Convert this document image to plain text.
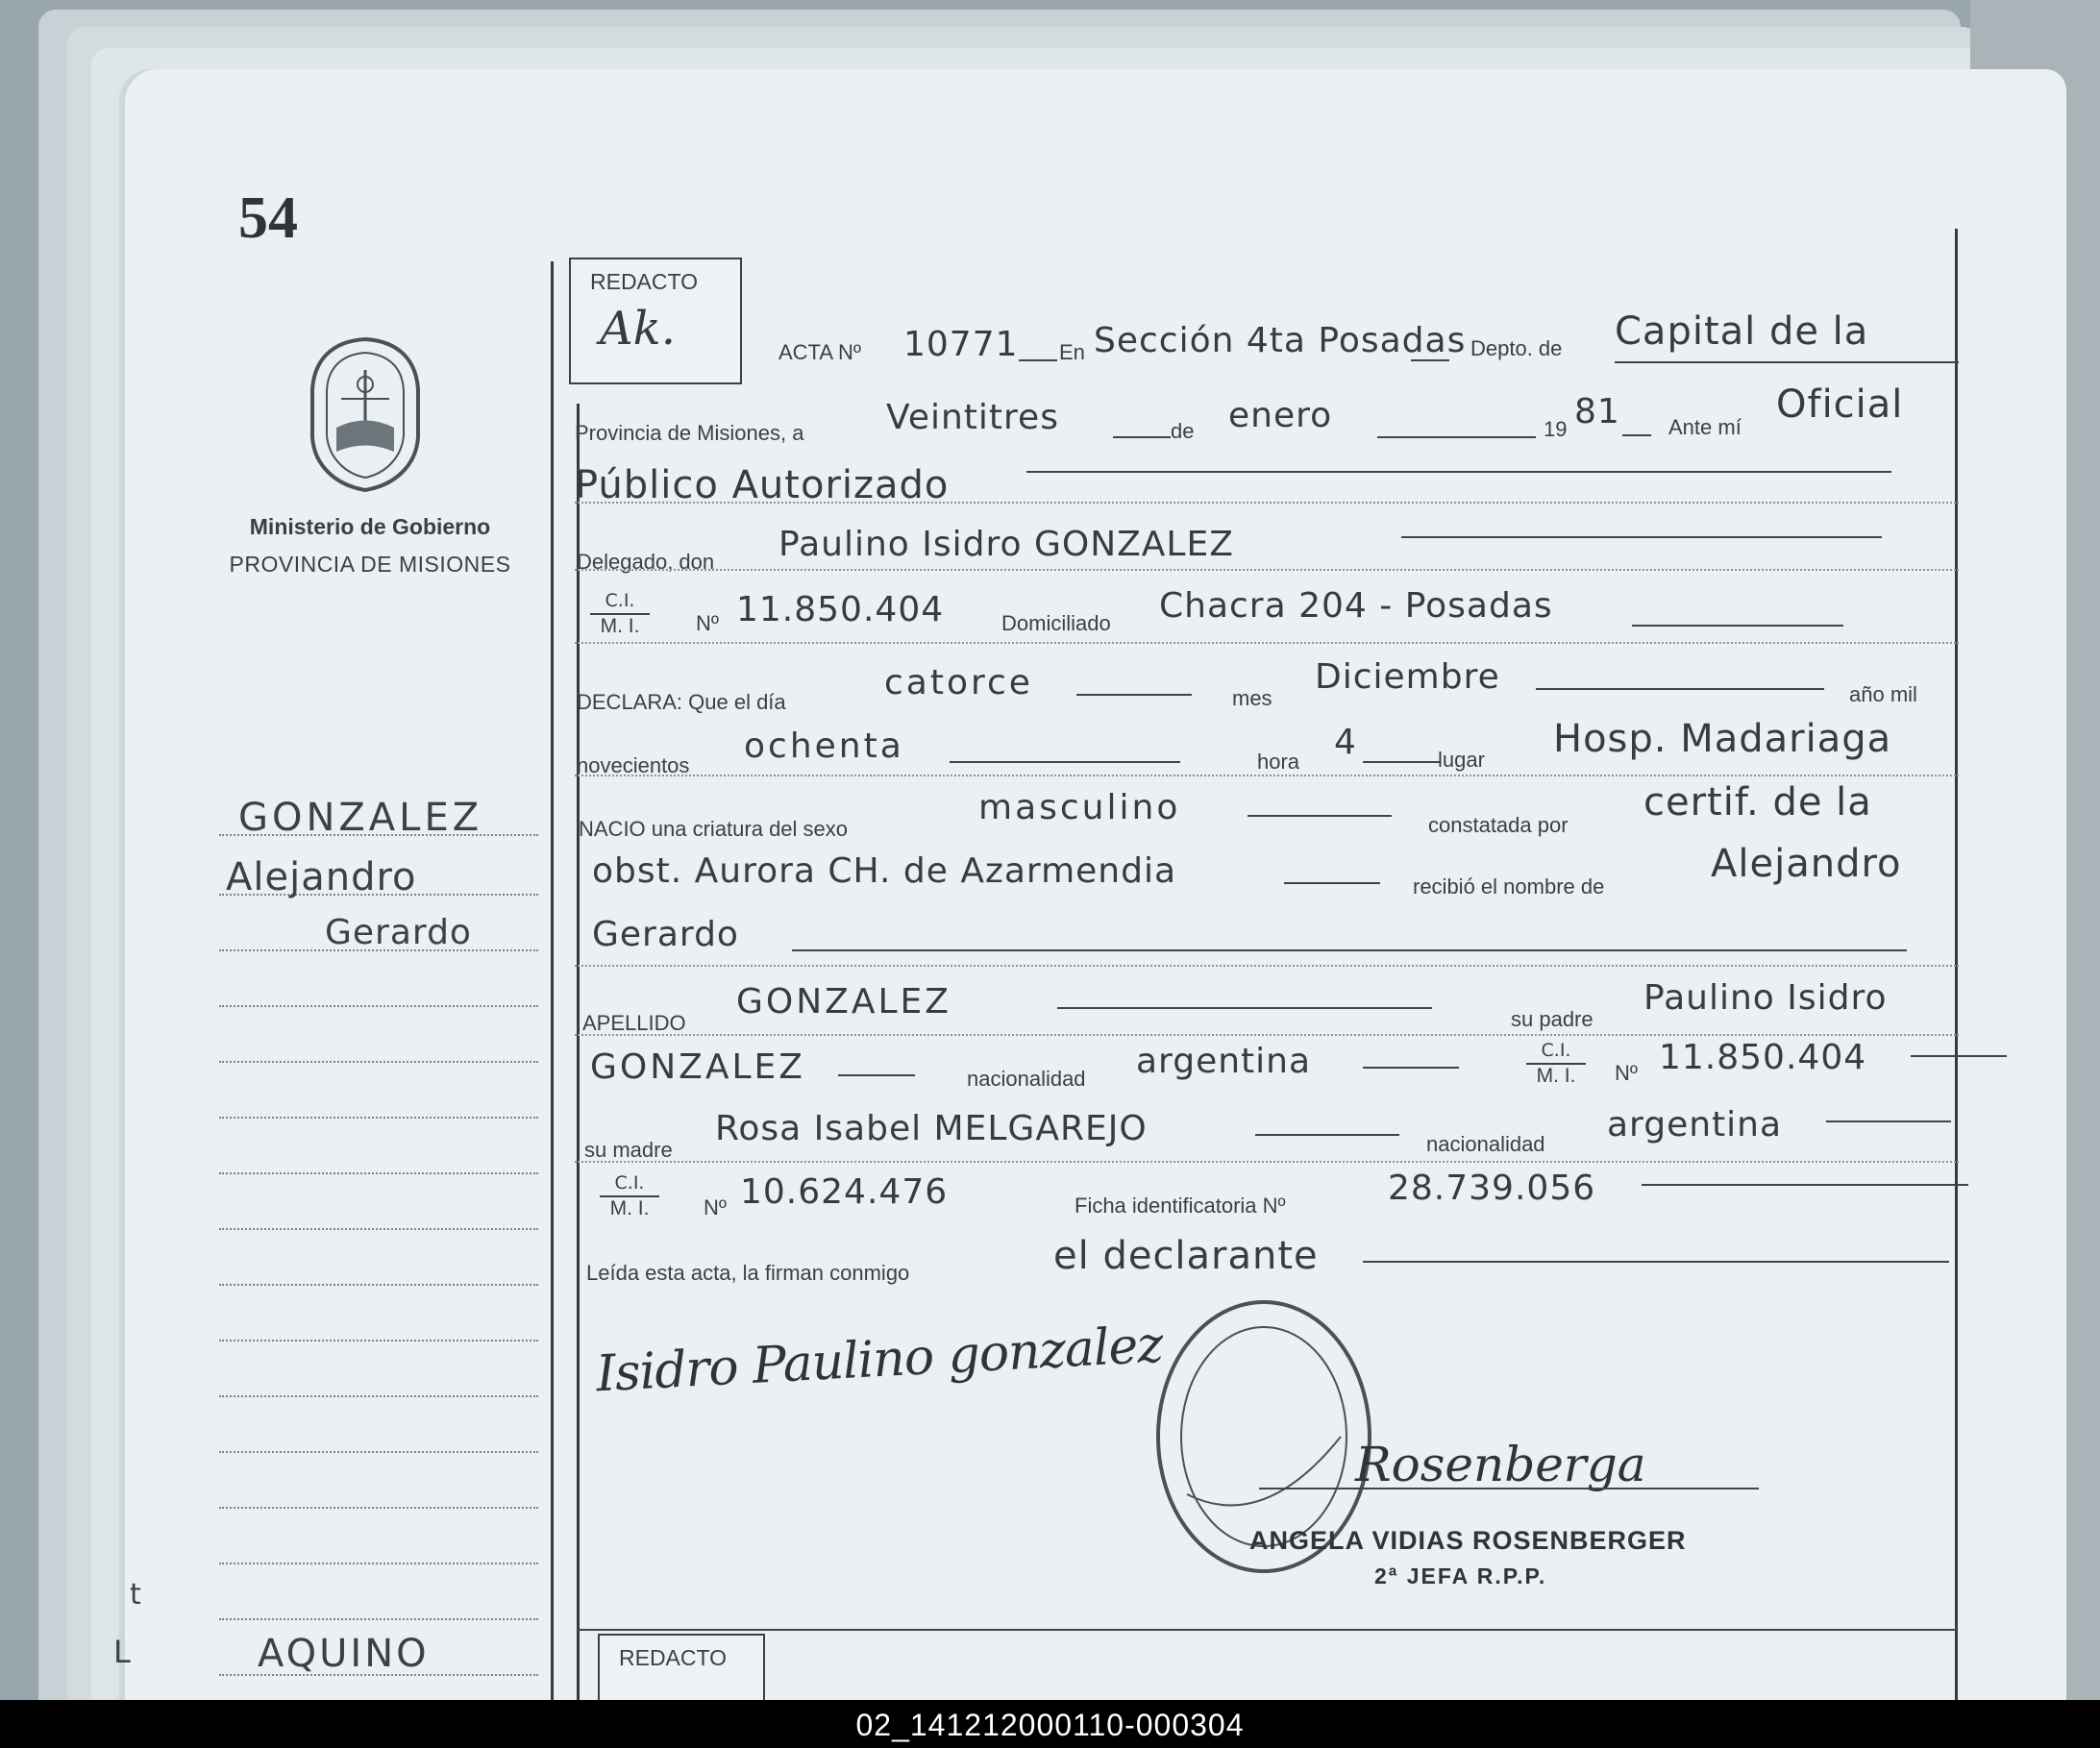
54
Ministerio de Gobierno
PROVINCIA DE MISIONES
GONZALEZ
Alejandro
Gerardo
t
L	AQUINO
REDACTO
Ak.	ACTA Nº 10771 En Sección 4ta Posadas Depto. de Capital de la
Provincia de Misiones, a Veintitres	de enero	19 81 Ante mí
Oficial
Público Autorizado
Delegado, don Paulino Isidro GONZALEZ
$\frac{C.I.}{M. I.}$ Nº 11.850.404	Domiciliado Chacra 204 - Posadas
DECLARA: Que el día	catorce	mes
Diciembre	año mil
novecientos ochenta	hora 4	lugar Hosp. Madariaga
NACIO una criatura del sexo
masculino	constatada por
certif. de la
obst. Aurora CH. de Azarmendia	recibió el nombre de
Alejandro
Gerardo
APELLIDO
GONZALEZ	su padre
Paulino Isidro
GONZALEZ	nacionalidad argentina	$\frac{C.I.}{M. I.}$ Nº 11.850.404
su madre
Rosa Isabel MELGAREJO	nacionalidad argentina
$\frac{C.I.}{M. I.}$ Nº 10.624.476	Ficha identificatoria Nº	28.739.056
Leída esta acta, la firman conmigo	el declarante
Isidro Paulino gonzalez
Rosenberga
ANGELA VIDIAS ROSENBERGER
2ª JEFA R.P.P.
REDACTO
02_141212000110-000304
